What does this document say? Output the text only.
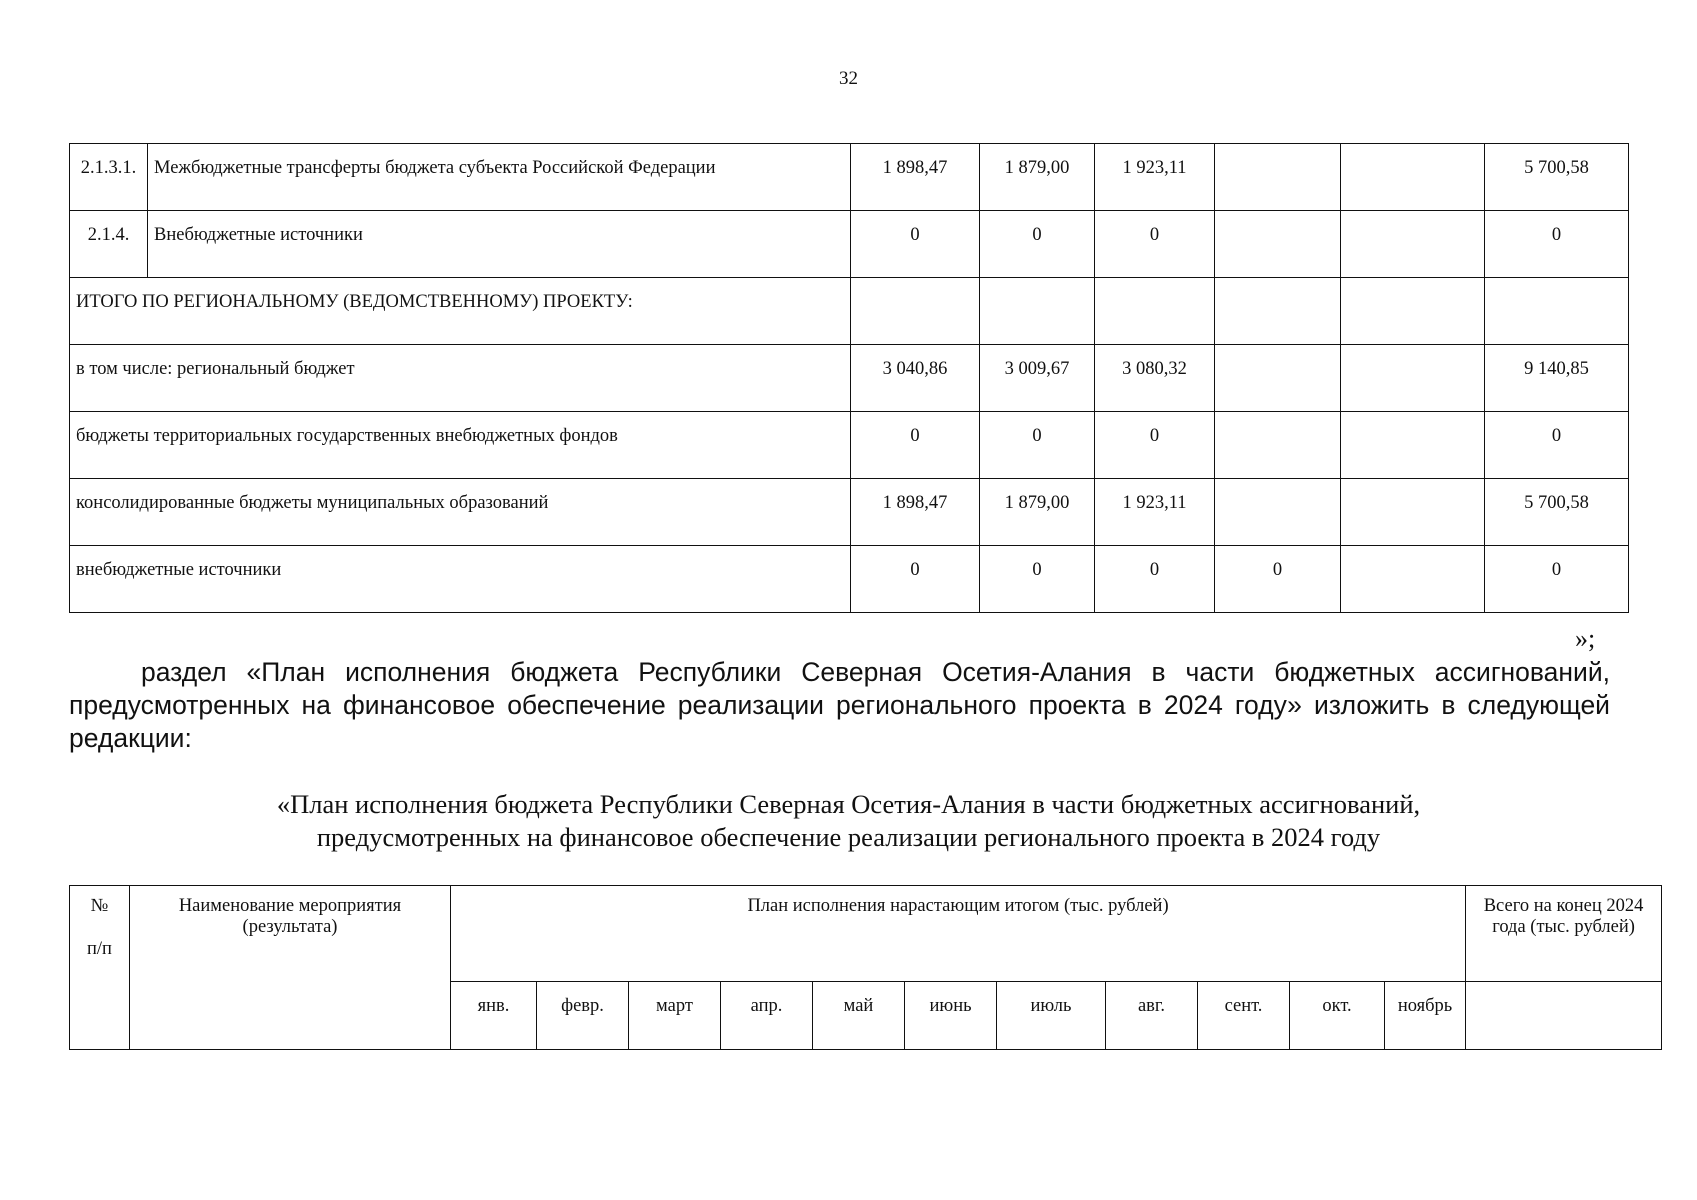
32
2.1.3.1.	Межбюджетные трансферты бюджета субъекта Российской Федерации	1 898,47	1 879,00	1 923,11			5 700,58
2.1.4.	Внебюджетные источники	0	0	0			0
ИТОГО ПО РЕГИОНАЛЬНОМУ (ВЕДОМСТВЕННОМУ) ПРОЕКТУ:							
в том числе: региональный бюджет		3 040,86	3 009,67	3 080,32			9 140,85
бюджеты территориальных государственных внебюджетных фондов		0	0	0			0
консолидированные бюджеты муниципальных образований		1 898,47	1 879,00	1 923,11			5 700,58
внебюджетные источники		0	0	0	0		0
»;
раздел «План исполнения бюджета Республики Северная Осетия-Алания в части бюджетных ассигнований, предусмотренных на финансовое обеспечение реализации регионального проекта в 2024 году» изложить в следующей редакции:
«План исполнения бюджета Республики Северная Осетия-Алания в части бюджетных ассигнований,
предусмотренных на финансовое обеспечение реализации регионального проекта в 2024 году
№
п/п	Наименование мероприятия (результата)	План исполнения нарастающим итогом (тыс. рублей)											Всего на конец 2024 года (тыс. рублей)
		янв.	февр.	март	апр.	май	июнь	июль	авг.	сент.	окт.	ноябрь	
